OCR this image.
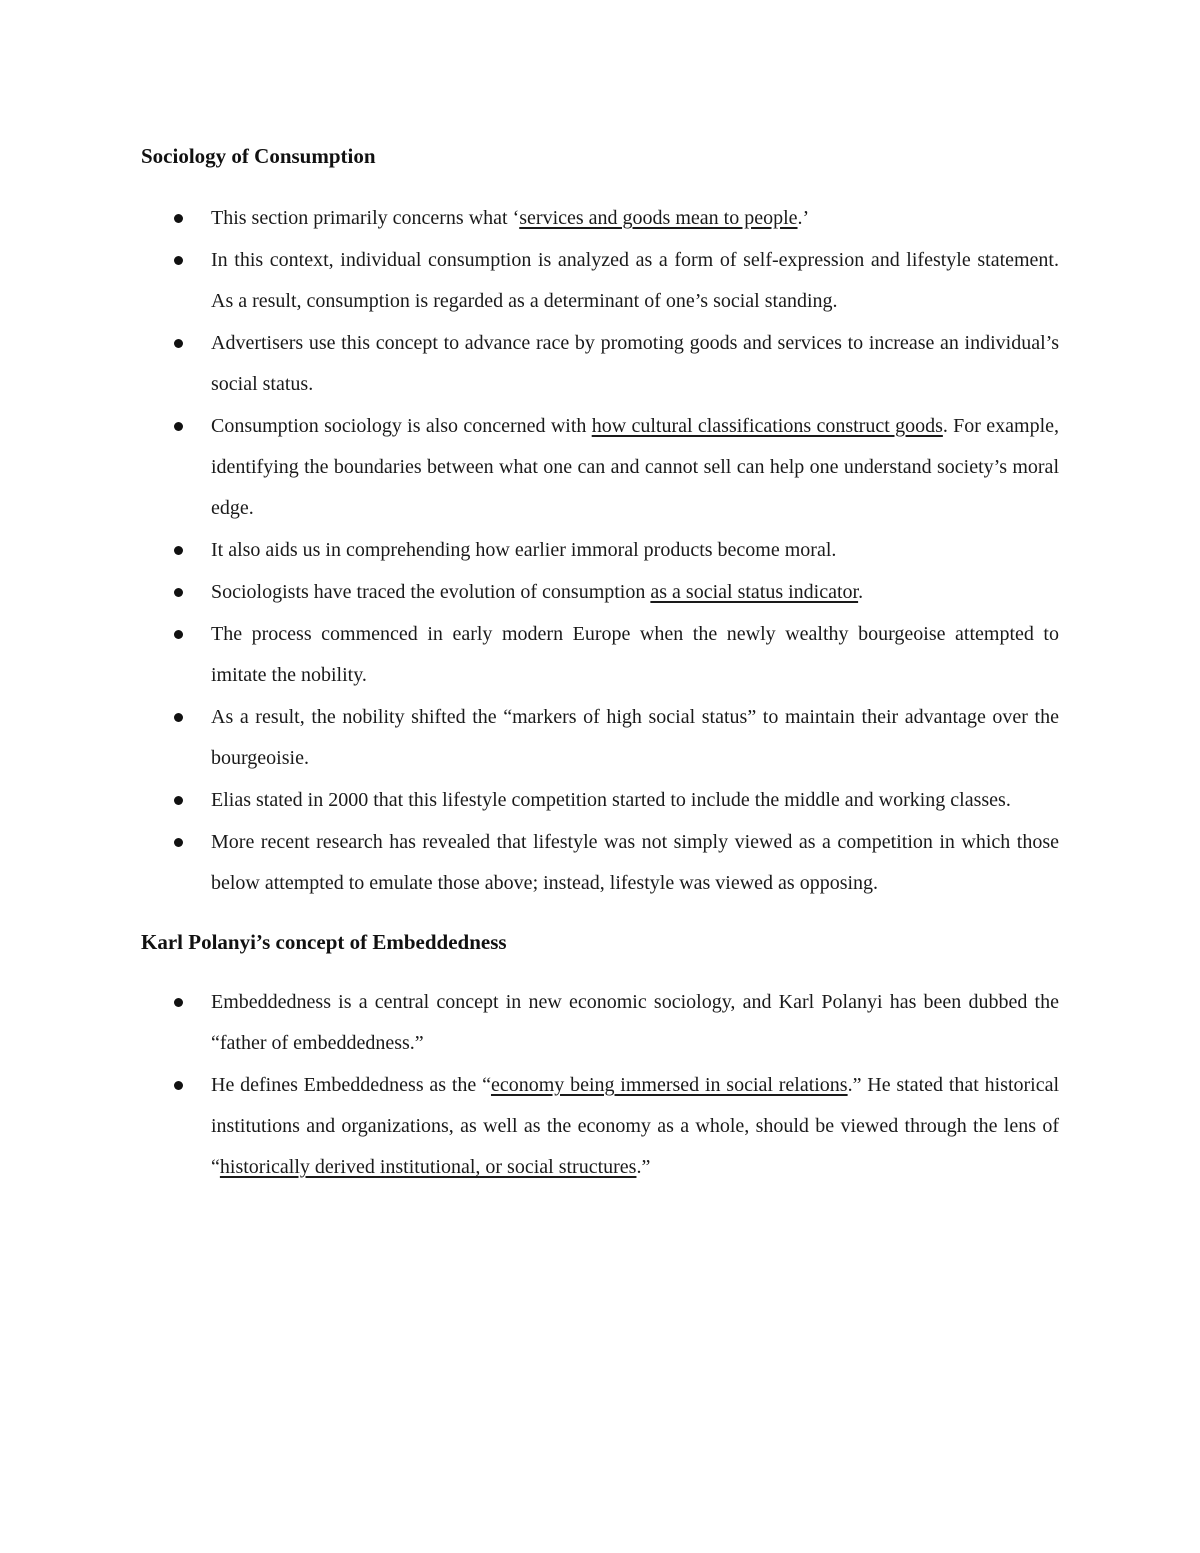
Sociology of Consumption
This section primarily concerns what ‘services and goods mean to people.’
In this context, individual consumption is analyzed as a form of self-expression and lifestyle statement. As a result, consumption is regarded as a determinant of one’s social standing.
Advertisers use this concept to advance race by promoting goods and services to increase an individual’s social status.
Consumption sociology is also concerned with how cultural classifications construct goods. For example, identifying the boundaries between what one can and cannot sell can help one understand society’s moral edge.
It also aids us in comprehending how earlier immoral products become moral.
Sociologists have traced the evolution of consumption as a social status indicator.
The process commenced in early modern Europe when the newly wealthy bourgeoise attempted to imitate the nobility.
As a result, the nobility shifted the “markers of high social status” to maintain their advantage over the bourgeoisie.
Elias stated in 2000 that this lifestyle competition started to include the middle and working classes.
More recent research has revealed that lifestyle was not simply viewed as a competition in which those below attempted to emulate those above; instead, lifestyle was viewed as opposing.
Karl Polanyi’s concept of Embeddedness
Embeddedness is a central concept in new economic sociology, and Karl Polanyi has been dubbed the “father of embeddedness.”
He defines Embeddedness as the “economy being immersed in social relations.” He stated that historical institutions and organizations, as well as the economy as a whole, should be viewed through the lens of “historically derived institutional, or social structures.”
